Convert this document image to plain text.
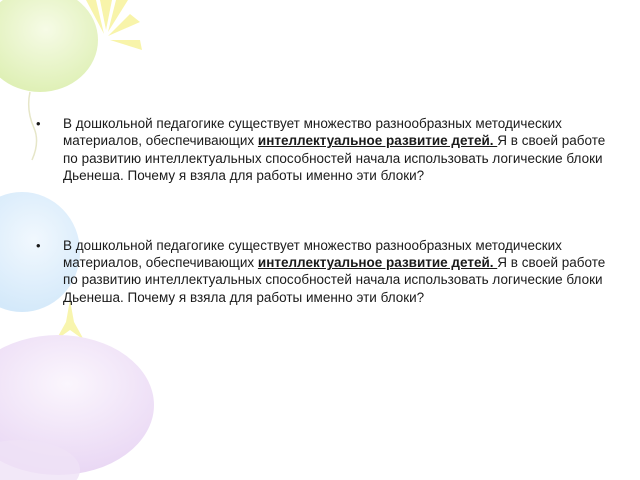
• В дошкольной педагогике существует множество разнообразных методических материалов, обеспечивающих интеллектуальное развитие детей. Я в своей работе по развитию интеллектуальных способностей начала использовать логические блоки Дьенеша. Почему я взяла для работы именно эти блоки?
• В дошкольной педагогике существует множество разнообразных методических материалов, обеспечивающих интеллектуальное развитие детей. Я в своей работе по развитию интеллектуальных способностей начала использовать логические блоки Дьенеша. Почему я взяла для работы именно эти блоки?
